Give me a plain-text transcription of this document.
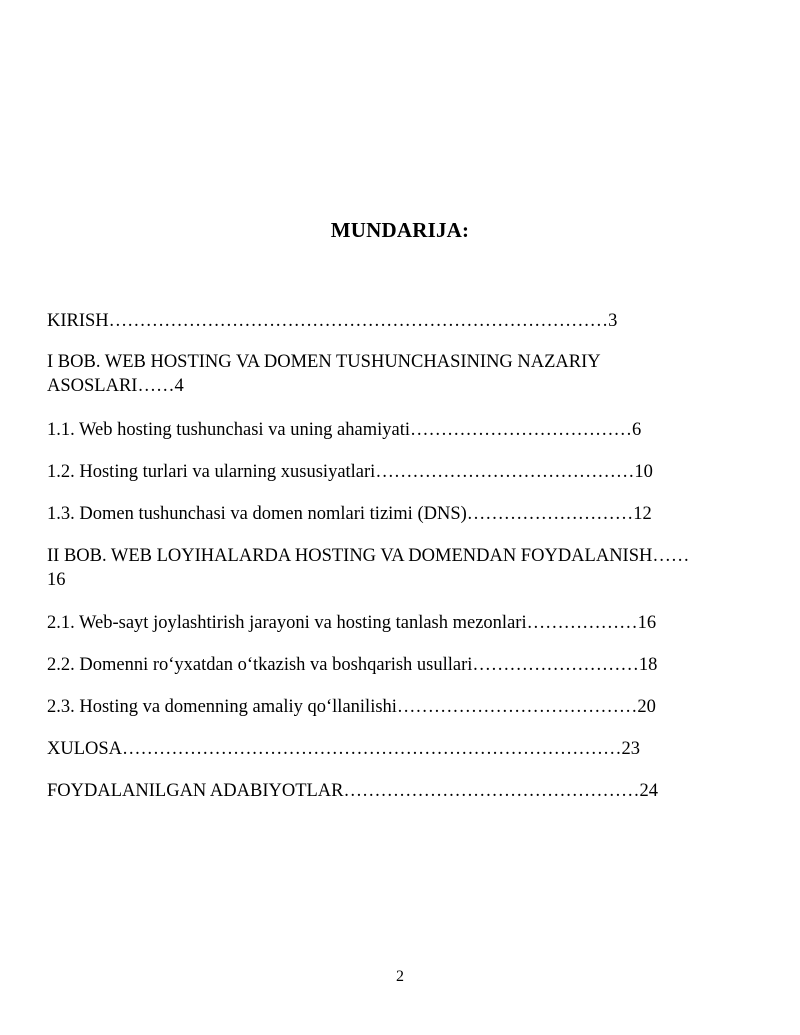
MUNDARIJA:
KIRISH………………………………………………………………………3
I BOB. WEB HOSTING VA DOMEN TUSHUNCHASINING NAZARIY ASOSLARI……4
1.1. Web hosting tushunchasi va uning ahamiyati………………………………6
1.2. Hosting turlari va ularning xususiyatlari……………………………………10
1.3. Domen tushunchasi va domen nomlari tizimi (DNS)………………………12
II BOB. WEB LOYIHALARDA HOSTING VA DOMENDAN FOYDALANISH……16
2.1. Web-sayt joylashtirish jarayoni va hosting tanlash mezonlari………………16
2.2. Domenni ro‘yxatdan o‘tkazish va boshqarish usullari………………………18
2.3. Hosting va domenning amaliy qo‘llanilishi…………………………………20
XULOSA………………………………………………………………………23
FOYDALANILGAN ADABIYOTLAR…………………………………………24
2
